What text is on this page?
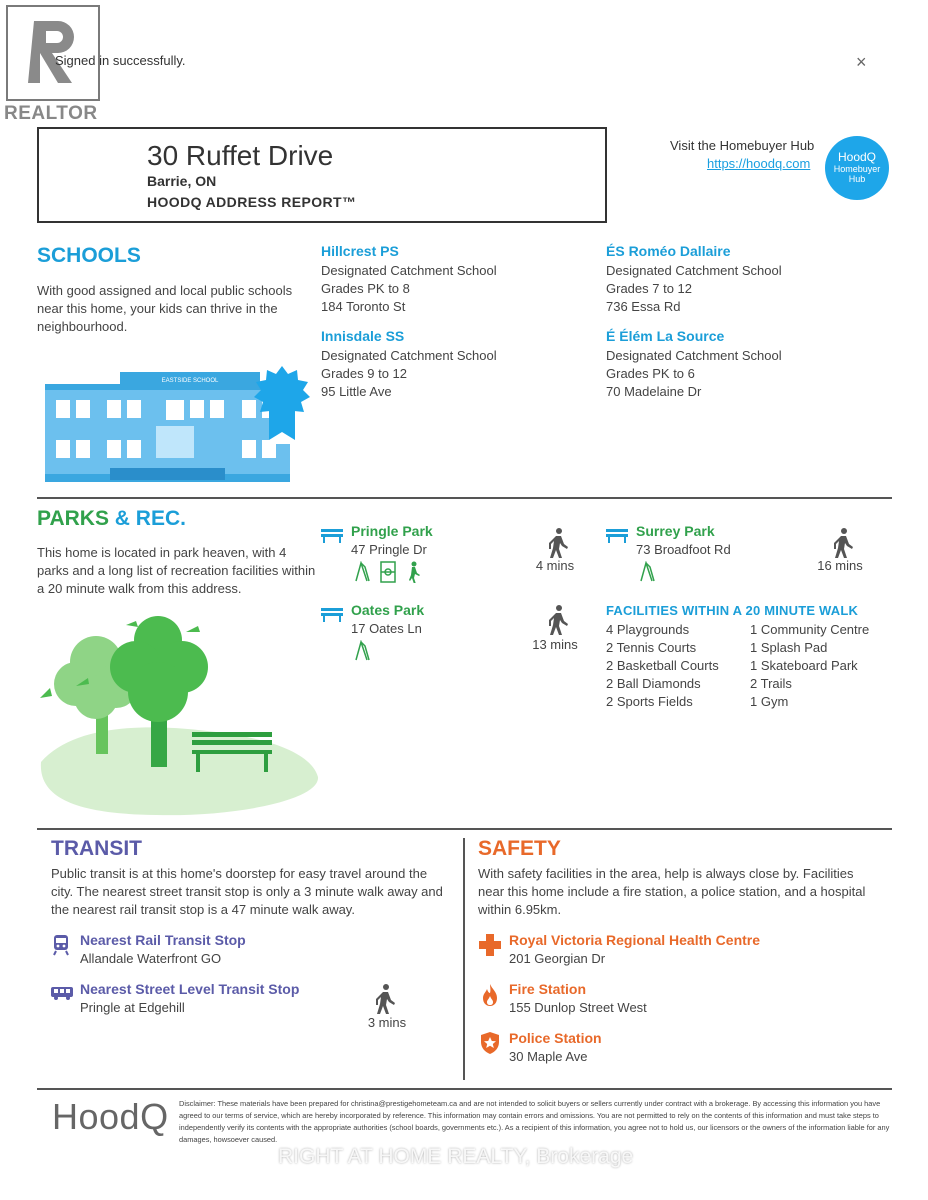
REALTOR
Signed in successfully.	×
30 Ruffet Drive
Barrie, ON
HOODQ ADDRESS REPORT™
Visit the Homebuyer Hub
https://hoodq.com	HoodQ
Homebuyer
Hub
SCHOOLS
With good assigned and local public schools near this home, your kids can thrive in the neighbourhood.
EASTSIDE SCHOOL
Hillcrest PS
Designated Catchment School
Grades PK to 8
184 Toronto St
ÉS Roméo Dallaire
Designated Catchment School
Grades 7 to 12
736 Essa Rd
Innisdale SS
Designated Catchment School
Grades 9 to 12
95 Little Ave
É Élém La Source
Designated Catchment School
Grades PK to 6
70 Madelaine Dr
PARKS & REC.
This home is located in park heaven, with 4 parks and a long list of recreation facilities within a 20 minute walk from this address.
Pringle Park
47 Pringle Dr
4 mins
Surrey Park
73 Broadfoot Rd
16 mins
Oates Park
17 Oates Ln
13 mins
FACILITIES WITHIN A 20 MINUTE WALK
4 Playgrounds
2 Tennis Courts
2 Basketball Courts
2 Ball Diamonds
2 Sports Fields
1 Community Centre
1 Splash Pad
1 Skateboard Park
2 Trails
1 Gym
TRANSIT
Public transit is at this home's doorstep for easy travel around the city. The nearest street transit stop is only a 3 minute walk away and the nearest rail transit stop is a 47 minute walk away.
Nearest Rail Transit Stop
Allandale Waterfront GO
Nearest Street Level Transit Stop
Pringle at Edgehill
3 mins
SAFETY
With safety facilities in the area, help is always close by. Facilities near this home include a fire station, a police station, and a hospital within 6.95km.
Royal Victoria Regional Health Centre
201 Georgian Dr
Fire Station
155 Dunlop Street West
Police Station
30 Maple Ave
HoodQ Disclaimer: These materials have been prepared for christina@prestigehometeam.ca and are not intended to solicit buyers or sellers currently under contract with a brokerage. By accessing this information you have agreed to our terms of service, which are hereby incorporated by reference. This information may contain errors and omissions. You are not permitted to rely on the contents of this information and must take steps to independently verify its contents with the appropriate authorities (school boards, governments etc.). As a recipient of this information, you agree not to hold us, our licensors or the owners of the information liable for any damages, howsoever caused.
RIGHT AT HOME REALTY, Brokerage
